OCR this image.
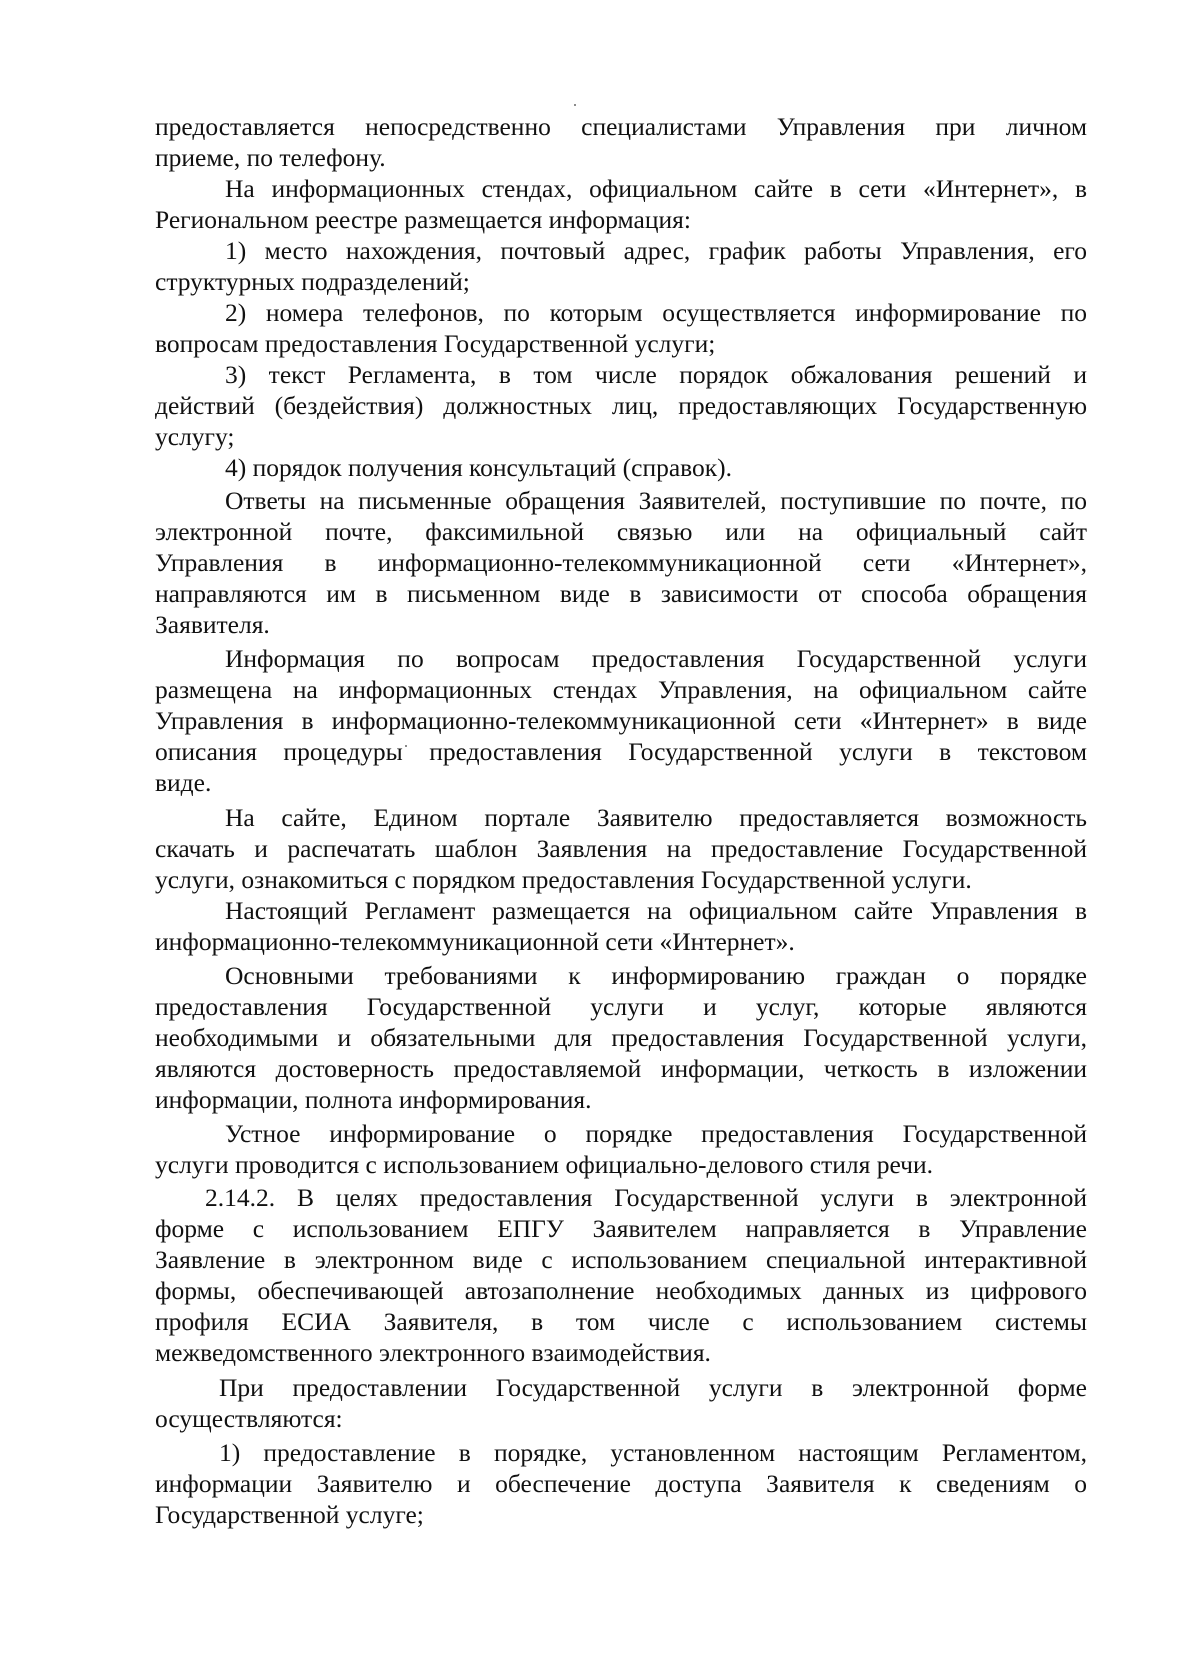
предоставляется непосредственно специалистами Управления при личном
приеме, по телефону.
На информационных стендах, официальном сайте в сети «Интернет», в
Региональном реестре размещается информация:
1) место нахождения, почтовый адрес, график работы Управления, его
структурных подразделений;
2) номера телефонов, по которым осуществляется информирование по
вопросам предоставления Государственной услуги;
3) текст Регламента, в том числе порядок обжалования решений и
действий (бездействия) должностных лиц, предоставляющих Государственную
услугу;
4) порядок получения консультаций (справок).
Ответы на письменные обращения Заявителей, поступившие по почте, по
электронной почте, факсимильной связью или на официальный сайт
Управления в информационно-телекоммуникационной сети «Интернет»,
направляются им в письменном виде в зависимости от способа обращения
Заявителя.
Информация по вопросам предоставления Государственной услуги
размещена на информационных стендах Управления, на официальном сайте
Управления в информационно-телекоммуникационной сети «Интернет» в виде
описания процедуры предоставления Государственной услуги в текстовом
виде.
На сайте, Едином портале Заявителю предоставляется возможность
скачать и распечатать шаблон Заявления на предоставление Государственной
услуги, ознакомиться с порядком предоставления Государственной услуги.
Настоящий Регламент размещается на официальном сайте Управления в
информационно-телекоммуникационной сети «Интернет».
Основными требованиями к информированию граждан о порядке
предоставления Государственной услуги и услуг, которые являются
необходимыми и обязательными для предоставления Государственной услуги,
являются достоверность предоставляемой информации, четкость в изложении
информации, полнота информирования.
Устное информирование о порядке предоставления Государственной
услуги проводится с использованием официально-делового стиля речи.
2.14.2. В целях предоставления Государственной услуги в электронной
форме с использованием ЕПГУ Заявителем направляется в Управление
Заявление в электронном виде с использованием специальной интерактивной
формы, обеспечивающей автозаполнение необходимых данных из цифрового
профиля ЕСИА Заявителя, в том числе с использованием системы
межведомственного электронного взаимодействия.
При предоставлении Государственной услуги в электронной форме
осуществляются:
1) предоставление в порядке, установленном настоящим Регламентом,
информации Заявителю и обеспечение доступа Заявителя к сведениям о
Государственной услуге;
